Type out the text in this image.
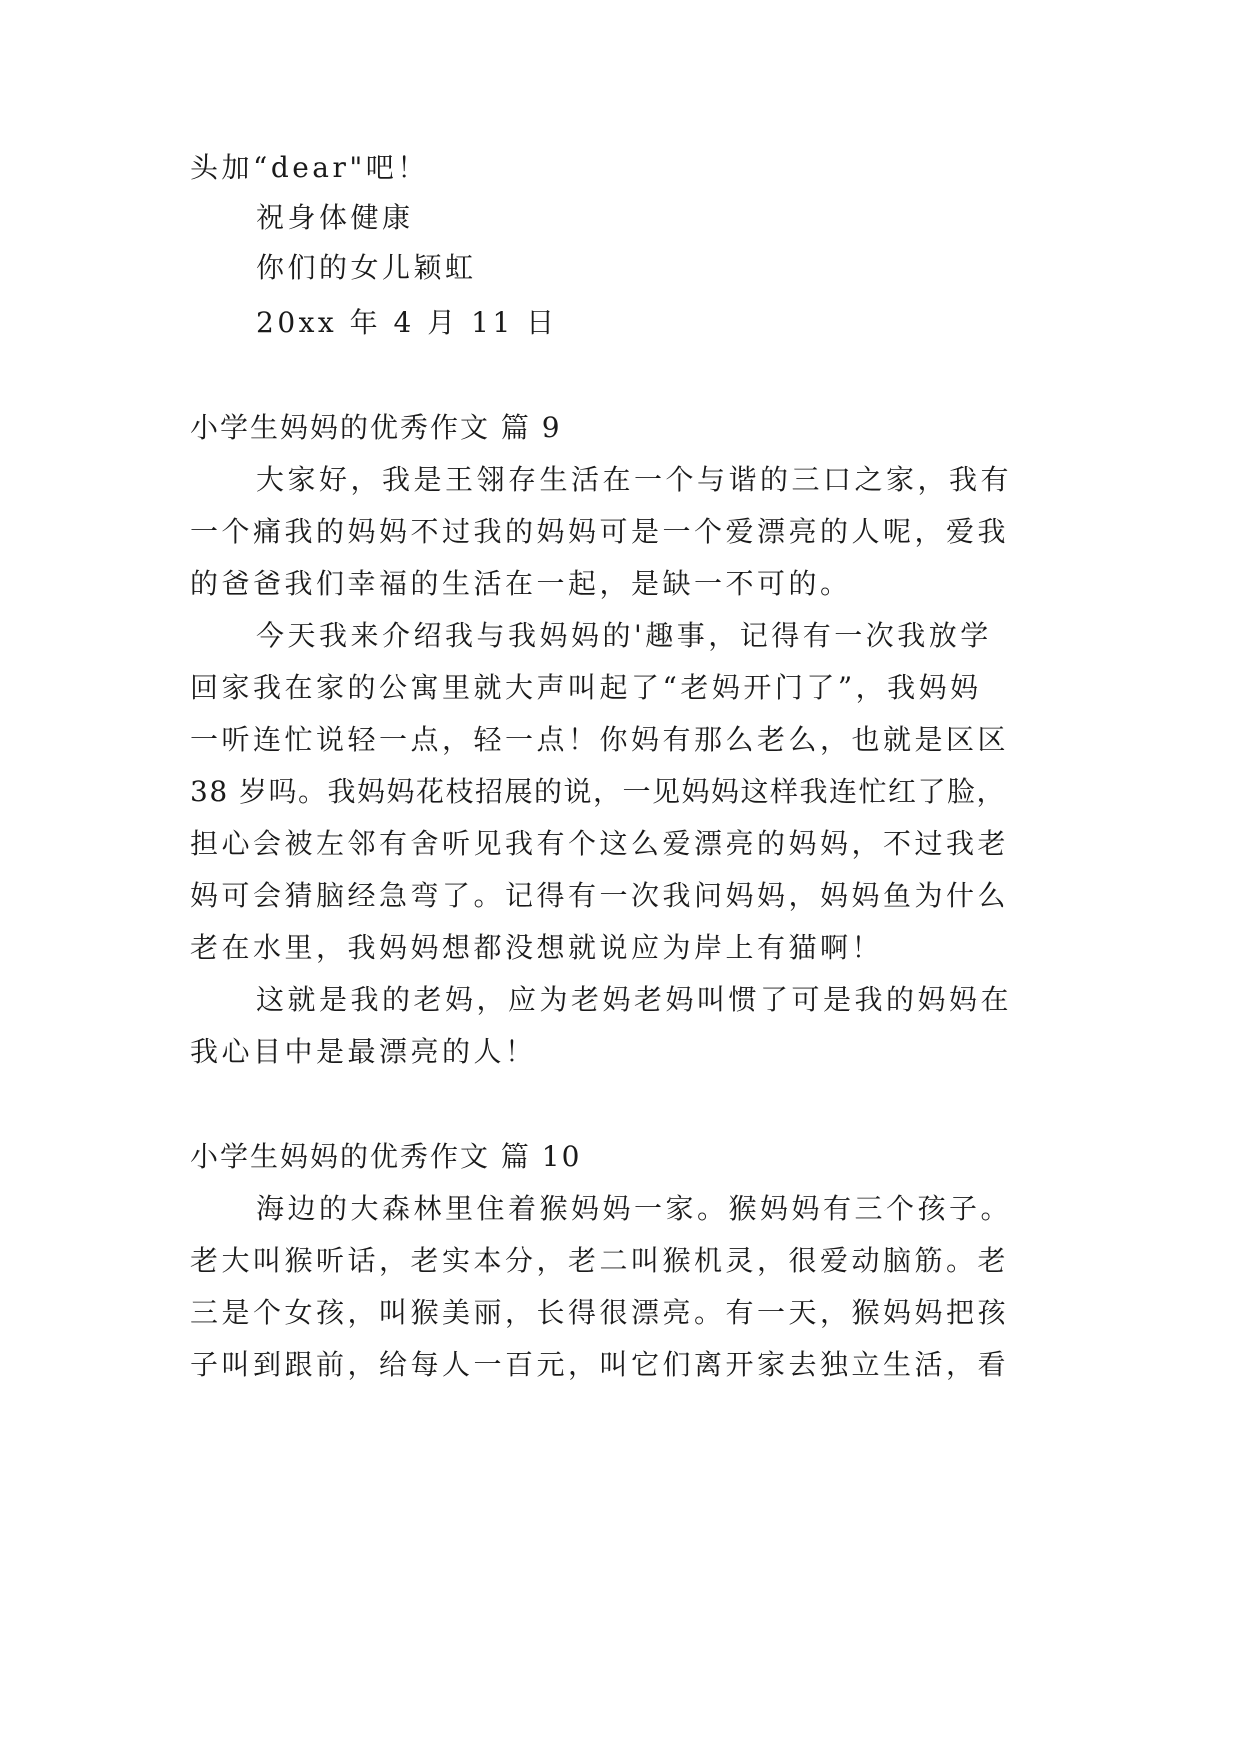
头加“dear"吧！
祝身体健康
你们的女儿颖虹
20xx 年 4 月 11 日
小学生妈妈的优秀作文 篇 9
大家好，我是王翎存生活在一个与谐的三口之家，我有
一个痛我的妈妈不过我的妈妈可是一个爱漂亮的人呢，爱我
的爸爸我们幸福的生活在一起，是缺一不可的。
今天我来介绍我与我妈妈的'趣事，记得有一次我放学
回家我在家的公寓里就大声叫起了“老妈开门了”，我妈妈
一听连忙说轻一点，轻一点！你妈有那么老么，也就是区区
38 岁吗。我妈妈花枝招展的说，一见妈妈这样我连忙红了脸，
担心会被左邻有舍听见我有个这么爱漂亮的妈妈，不过我老
妈可会猜脑经急弯了。记得有一次我问妈妈，妈妈鱼为什么
老在水里，我妈妈想都没想就说应为岸上有猫啊！
这就是我的老妈，应为老妈老妈叫惯了可是我的妈妈在
我心目中是最漂亮的人！
小学生妈妈的优秀作文 篇 10
海边的大森林里住着猴妈妈一家。猴妈妈有三个孩子。
老大叫猴听话，老实本分，老二叫猴机灵，很爱动脑筋。老
三是个女孩，叫猴美丽，长得很漂亮。有一天，猴妈妈把孩
子叫到跟前，给每人一百元，叫它们离开家去独立生活，看
